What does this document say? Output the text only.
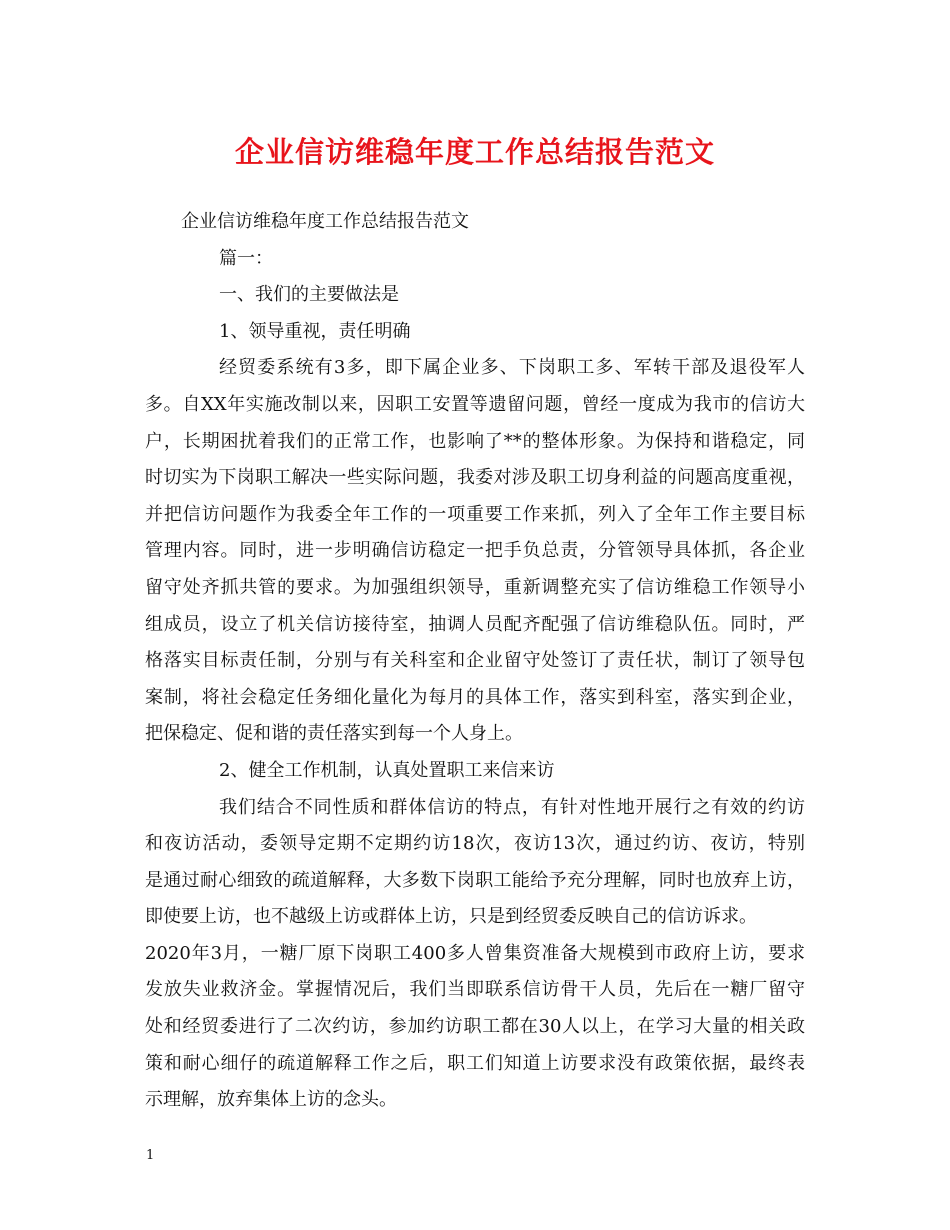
企业信访维稳年度工作总结报告范文
企业信访维稳年度工作总结报告范文
篇一：
一、我们的主要做法是
1、领导重视，责任明确
经贸委系统有3多，即下属企业多、下岗职工多、军转干部及退役军人
多。自XX年实施改制以来，因职工安置等遗留问题，曾经一度成为我市的信访大
户，长期困扰着我们的正常工作，也影响了**的整体形象。为保持和谐稳定，同
时切实为下岗职工解决一些实际问题，我委对涉及职工切身利益的问题高度重视，
并把信访问题作为我委全年工作的一项重要工作来抓，列入了全年工作主要目标
管理内容。同时，进一步明确信访稳定一把手负总责，分管领导具体抓，各企业
留守处齐抓共管的要求。为加强组织领导，重新调整充实了信访维稳工作领导小
组成员，设立了机关信访接待室，抽调人员配齐配强了信访维稳队伍。同时，严
格落实目标责任制，分别与有关科室和企业留守处签订了责任状，制订了领导包
案制，将社会稳定任务细化量化为每月的具体工作，落实到科室，落实到企业，
把保稳定、促和谐的责任落实到每一个人身上。
2、健全工作机制，认真处置职工来信来访
我们结合不同性质和群体信访的特点，有针对性地开展行之有效的约访
和夜访活动，委领导定期不定期约访18次，夜访13次，通过约访、夜访，特别
是通过耐心细致的疏道解释，大多数下岗职工能给予充分理解，同时也放弃上访，
即使要上访，也不越级上访或群体上访，只是到经贸委反映自己的信访诉求。
2020年3月，一糖厂原下岗职工400多人曾集资准备大规模到市政府上访，要求
发放失业救济金。掌握情况后，我们当即联系信访骨干人员，先后在一糖厂留守
处和经贸委进行了二次约访，参加约访职工都在30人以上，在学习大量的相关政
策和耐心细仔的疏道解释工作之后，职工们知道上访要求没有政策依据，最终表
示理解，放弃集体上访的念头。
1
